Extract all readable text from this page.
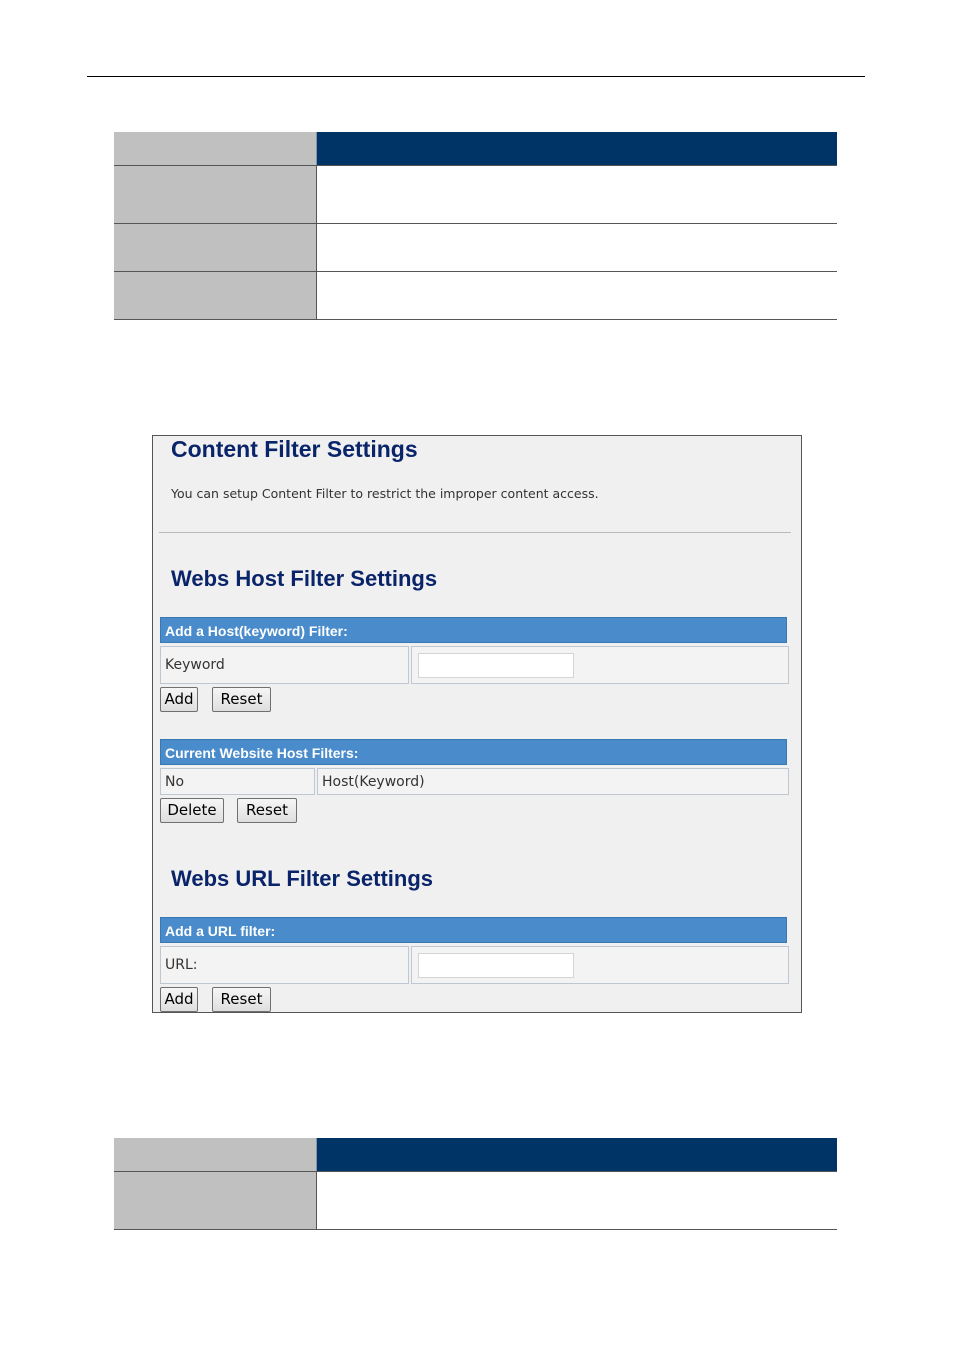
Content Filter Settings

You can setup Content Filter to restrict the improper content access.

Webs Host Filter Settings
Add a Host(keyword) Filter:
Keyword
Add	Reset
Current Website Host Filters:
No	Host(Keyword)
Delete	Reset
Webs URL Filter Settings
Add a URL filter:
URL:
Add	Reset
